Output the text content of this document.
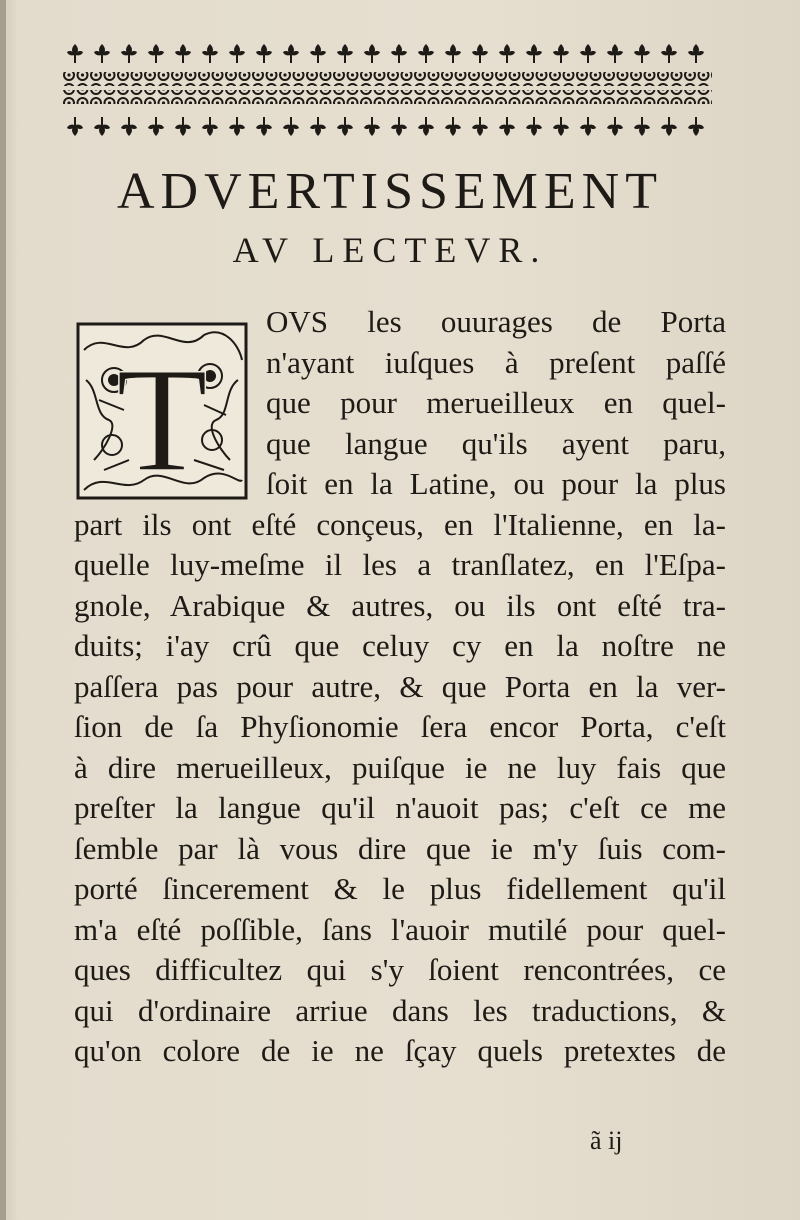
ADVERTISSEMENT
AV LECTEVR.
T
OVS les ouurages de Porta
n'ayant iuſques à preſent paſſé
que pour merueilleux en quel-
que langue qu'ils ayent paru,
ſoit en la Latine, ou pour la plus
part ils ont eſté conçeus, en l'Italienne, en la-
quelle luy-meſme il les a tranſlatez, en l'Eſpa-
gnole, Arabique & autres, ou ils ont eſté tra-
duits; i'ay crû que celuy cy en la noſtre ne
paſſera pas pour autre, & que Porta en la ver-
ſion de ſa Phyſionomie ſera encor Porta, c'eſt
à dire merueilleux, puiſque ie ne luy fais que
preſter la langue qu'il n'auoit pas; c'eſt ce me
ſemble par là vous dire que ie m'y ſuis com-
porté ſincerement & le plus fidellement qu'il
m'a eſté poſſible, ſans l'auoir mutilé pour quel-
ques difficultez qui s'y ſoient rencontrées, ce
qui d'ordinaire arriue dans les traductions, &
qu'on colore de ie ne ſçay quels pretextes de
ã ij
